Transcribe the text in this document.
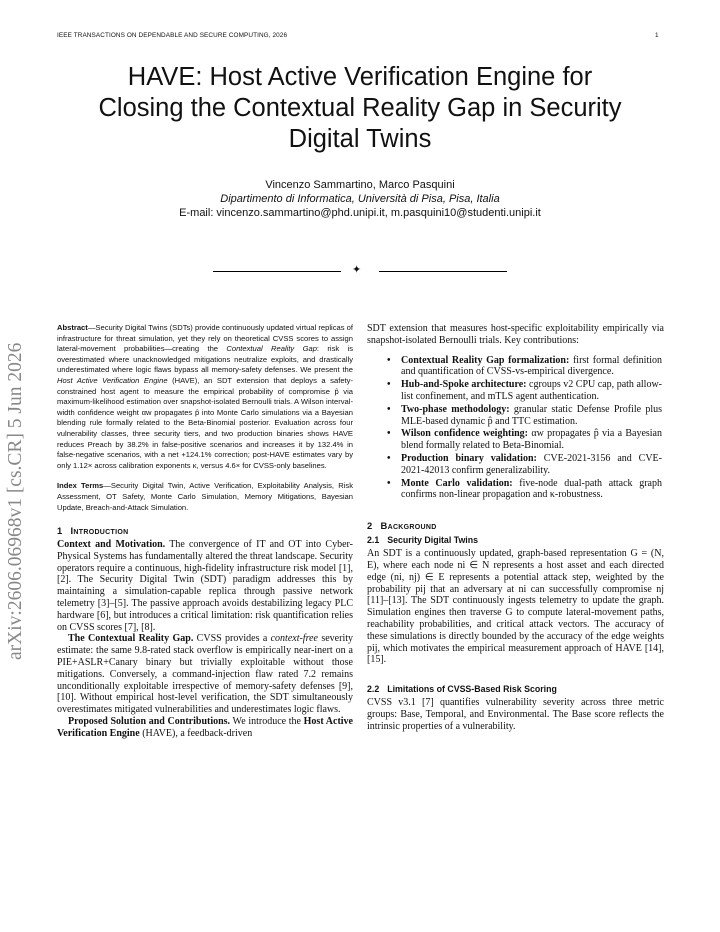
IEEE TRANSACTIONS ON DEPENDABLE AND SECURE COMPUTING, 2026	1
HAVE: Host Active Verification Engine for
Closing the Contextual Reality Gap in Security
Digital Twins
Vincenzo Sammartino, Marco Pasquini
Dipartimento di Informatica, Università di Pisa, Pisa, Italia
E-mail: vincenzo.sammartino@phd.unipi.it, m.pasquini10@studenti.unipi.it
✦
arXiv:2606.06968v1 [cs.CR] 5 Jun 2026

Abstract—Security Digital Twins (SDTs) provide continuously updated virtual replicas of infrastructure for threat simulation, yet they rely on theoretical CVSS scores to assign lateral-movement probabilities—creating the Contextual Reality Gap: risk is overestimated where unacknowledged mitigations neutralize exploits, and drastically underestimated where logic flaws bypass all memory-safety defenses. We present the Host Active Verification Engine (HAVE), an SDT extension that deploys a safety-constrained host agent to measure the empirical probability of compromise p̂ via maximum-likelihood estimation over snapshot-isolated Bernoulli trials. A Wilson interval-width confidence weight αw propagates p̂ into Monte Carlo simulations via a Bayesian blending rule formally related to the Beta-Binomial posterior. Evaluation across four vulnerability classes, three security tiers, and two production binaries shows HAVE reduces Preach by 38.2% in false-positive scenarios and increases it by 132.4% in false-negative scenarios, with a net +124.1% correction; post-HAVE estimates vary by only 1.12× across calibration exponents κ, versus 4.6× for CVSS-only baselines.

Index Terms—Security Digital Twin, Active Verification, Exploitability Analysis, Risk Assessment, OT Safety, Monte Carlo Simulation, Memory Mitigations, Bayesian Update, Breach-and-Attack Simulation.

1 Introduction

Context and Motivation. The convergence of IT and OT into Cyber-Physical Systems has fundamentally altered the threat landscape. Security operators require a continuous, high-fidelity infrastructure risk model [1], [2]. The Security Digital Twin (SDT) paradigm addresses this by maintaining a simulation-capable replica through passive network telemetry [3]–[5]. The passive approach avoids destabilizing legacy PLC hardware [6], but introduces a critical limitation: risk quantification relies on CVSS scores [7], [8].

The Contextual Reality Gap. CVSS provides a context-free severity estimate: the same 9.8-rated stack overflow is empirically near-inert on a PIE+ASLR+Canary binary but trivially exploitable without those mitigations. Conversely, a command-injection flaw rated 7.2 remains unconditionally exploitable irrespective of memory-safety defenses [9], [10]. Without empirical host-level verification, the SDT simultaneously overestimates mitigated vulnerabilities and underestimates logic flaws.

Proposed Solution and Contributions. We introduce the Host Active Verification Engine (HAVE), a feedback-driven

SDT extension that measures host-specific exploitability empirically via snapshot-isolated Bernoulli trials. Key contributions:

• Contextual Reality Gap formalization: first formal definition and quantification of CVSS-vs-empirical divergence.
• Hub-and-Spoke architecture: cgroups v2 CPU cap, path allow-list confinement, and mTLS agent authentication.
• Two-phase methodology: granular static Defense Profile plus MLE-based dynamic p̂ and TTC estimation.
• Wilson confidence weighting: αw propagates p̂ via a Bayesian blend formally related to Beta-Binomial.
• Production binary validation: CVE-2021-3156 and CVE-2021-42013 confirm generalizability.
• Monte Carlo validation: five-node dual-path attack graph confirms non-linear propagation and κ-robustness.
2 Background
2.1 Security Digital Twins

An SDT is a continuously updated, graph-based representation G = (N, E), where each node ni ∈ N represents a host asset and each directed edge (ni, nj) ∈ E represents a potential attack step, weighted by the probability pij that an adversary at ni can successfully compromise nj [11]–[13]. The SDT continuously ingests telemetry to update the graph. Simulation engines then traverse G to compute lateral-movement paths, reachability probabilities, and critical attack vectors. The accuracy of these simulations is directly bounded by the accuracy of the edge weights pij, which motivates the empirical measurement approach of HAVE [14], [15].

2.2 Limitations of CVSS-Based Risk Scoring

CVSS v3.1 [7] quantifies vulnerability severity across three metric groups: Base, Temporal, and Environmental. The Base score reflects the intrinsic properties of a vulnerability.
